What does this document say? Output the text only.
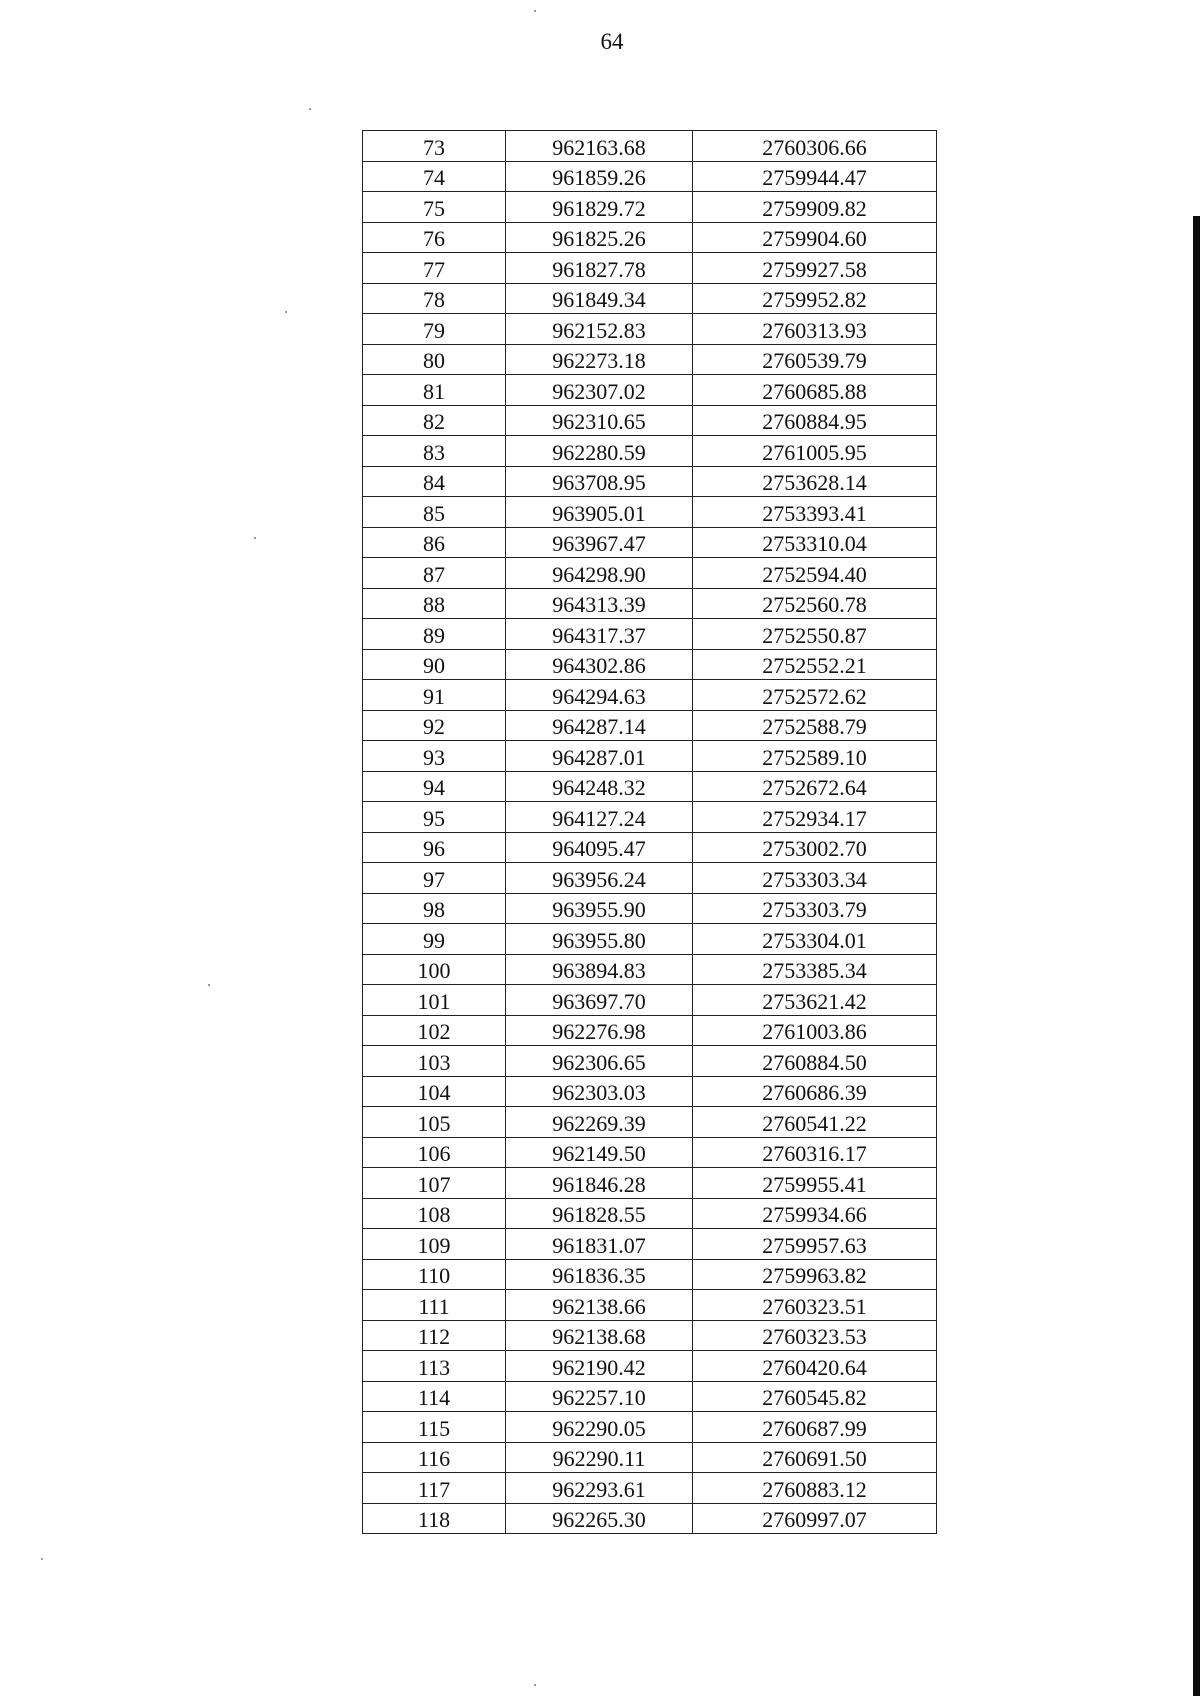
64
73	962163.68	2760306.66
74	961859.26	2759944.47
75	961829.72	2759909.82
76	961825.26	2759904.60
77	961827.78	2759927.58
78	961849.34	2759952.82
79	962152.83	2760313.93
80	962273.18	2760539.79
81	962307.02	2760685.88
82	962310.65	2760884.95
83	962280.59	2761005.95
84	963708.95	2753628.14
85	963905.01	2753393.41
86	963967.47	2753310.04
87	964298.90	2752594.40
88	964313.39	2752560.78
89	964317.37	2752550.87
90	964302.86	2752552.21
91	964294.63	2752572.62
92	964287.14	2752588.79
93	964287.01	2752589.10
94	964248.32	2752672.64
95	964127.24	2752934.17
96	964095.47	2753002.70
97	963956.24	2753303.34
98	963955.90	2753303.79
99	963955.80	2753304.01
100	963894.83	2753385.34
101	963697.70	2753621.42
102	962276.98	2761003.86
103	962306.65	2760884.50
104	962303.03	2760686.39
105	962269.39	2760541.22
106	962149.50	2760316.17
107	961846.28	2759955.41
108	961828.55	2759934.66
109	961831.07	2759957.63
110	961836.35	2759963.82
111	962138.66	2760323.51
112	962138.68	2760323.53
113	962190.42	2760420.64
114	962257.10	2760545.82
115	962290.05	2760687.99
116	962290.11	2760691.50
117	962293.61	2760883.12
118	962265.30	2760997.07
